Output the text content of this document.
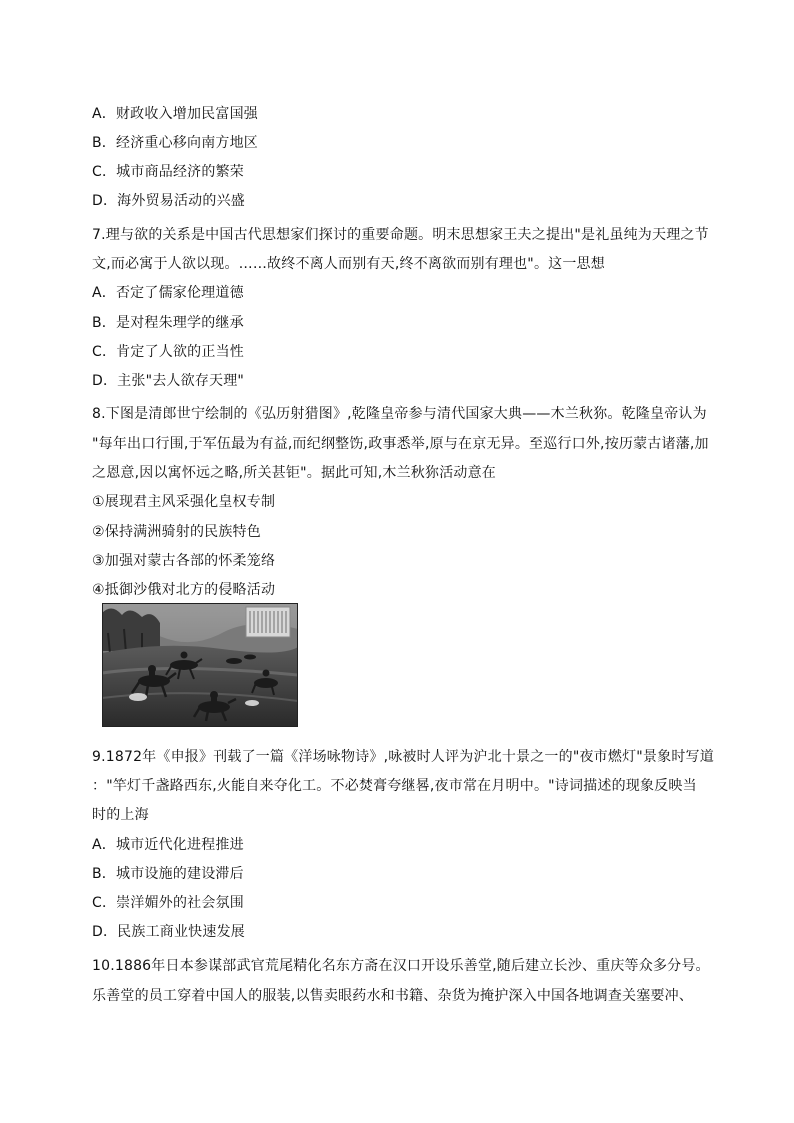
A．财政收入增加民富国强
B．经济重心移向南方地区
C．城市商品经济的繁荣
D．海外贸易活动的兴盛
7.理与欲的关系是中国古代思想家们探讨的重要命题。明末思想家王夫之提出"是礼虽纯为天理之节
文,而必寓于人欲以现。……故终不离人而别有天,终不离欲而别有理也"。这一思想
A．否定了儒家伦理道德
B．是对程朱理学的继承
C．肯定了人欲的正当性
D．主张"去人欲存天理"
8.下图是清郎世宁绘制的《弘历射猎图》,乾隆皇帝参与清代国家大典——木兰秋狝。乾隆皇帝认为
"每年出口行围,于军伍最为有益,而纪纲整饬,政事悉举,原与在京无异。至巡行口外,按历蒙古诸藩,加
之恩意,因以寓怀远之略,所关甚钜"。据此可知,木兰秋狝活动意在
①展现君主风采强化皇权专制
②保持满洲骑射的民族特色
③加强对蒙古各部的怀柔笼络
④抵御沙俄对北方的侵略活动
9.1872年《申报》刊载了一篇《洋场咏物诗》,咏被时人评为沪北十景之一的"夜市燃灯"景象时写道
："竿灯千盏路西东,火能自来夺化工。不必焚膏夸继晷,夜市常在月明中。"诗词描述的现象反映当
时的上海
A．城市近代化进程推进
B．城市设施的建设滞后
C．崇洋媚外的社会氛围
D．民族工商业快速发展
10.1886年日本参谋部武官荒尾精化名东方斋在汉口开设乐善堂,随后建立长沙、重庆等众多分号。
乐善堂的员工穿着中国人的服装,以售卖眼药水和书籍、杂货为掩护深入中国各地调查关塞要冲、
